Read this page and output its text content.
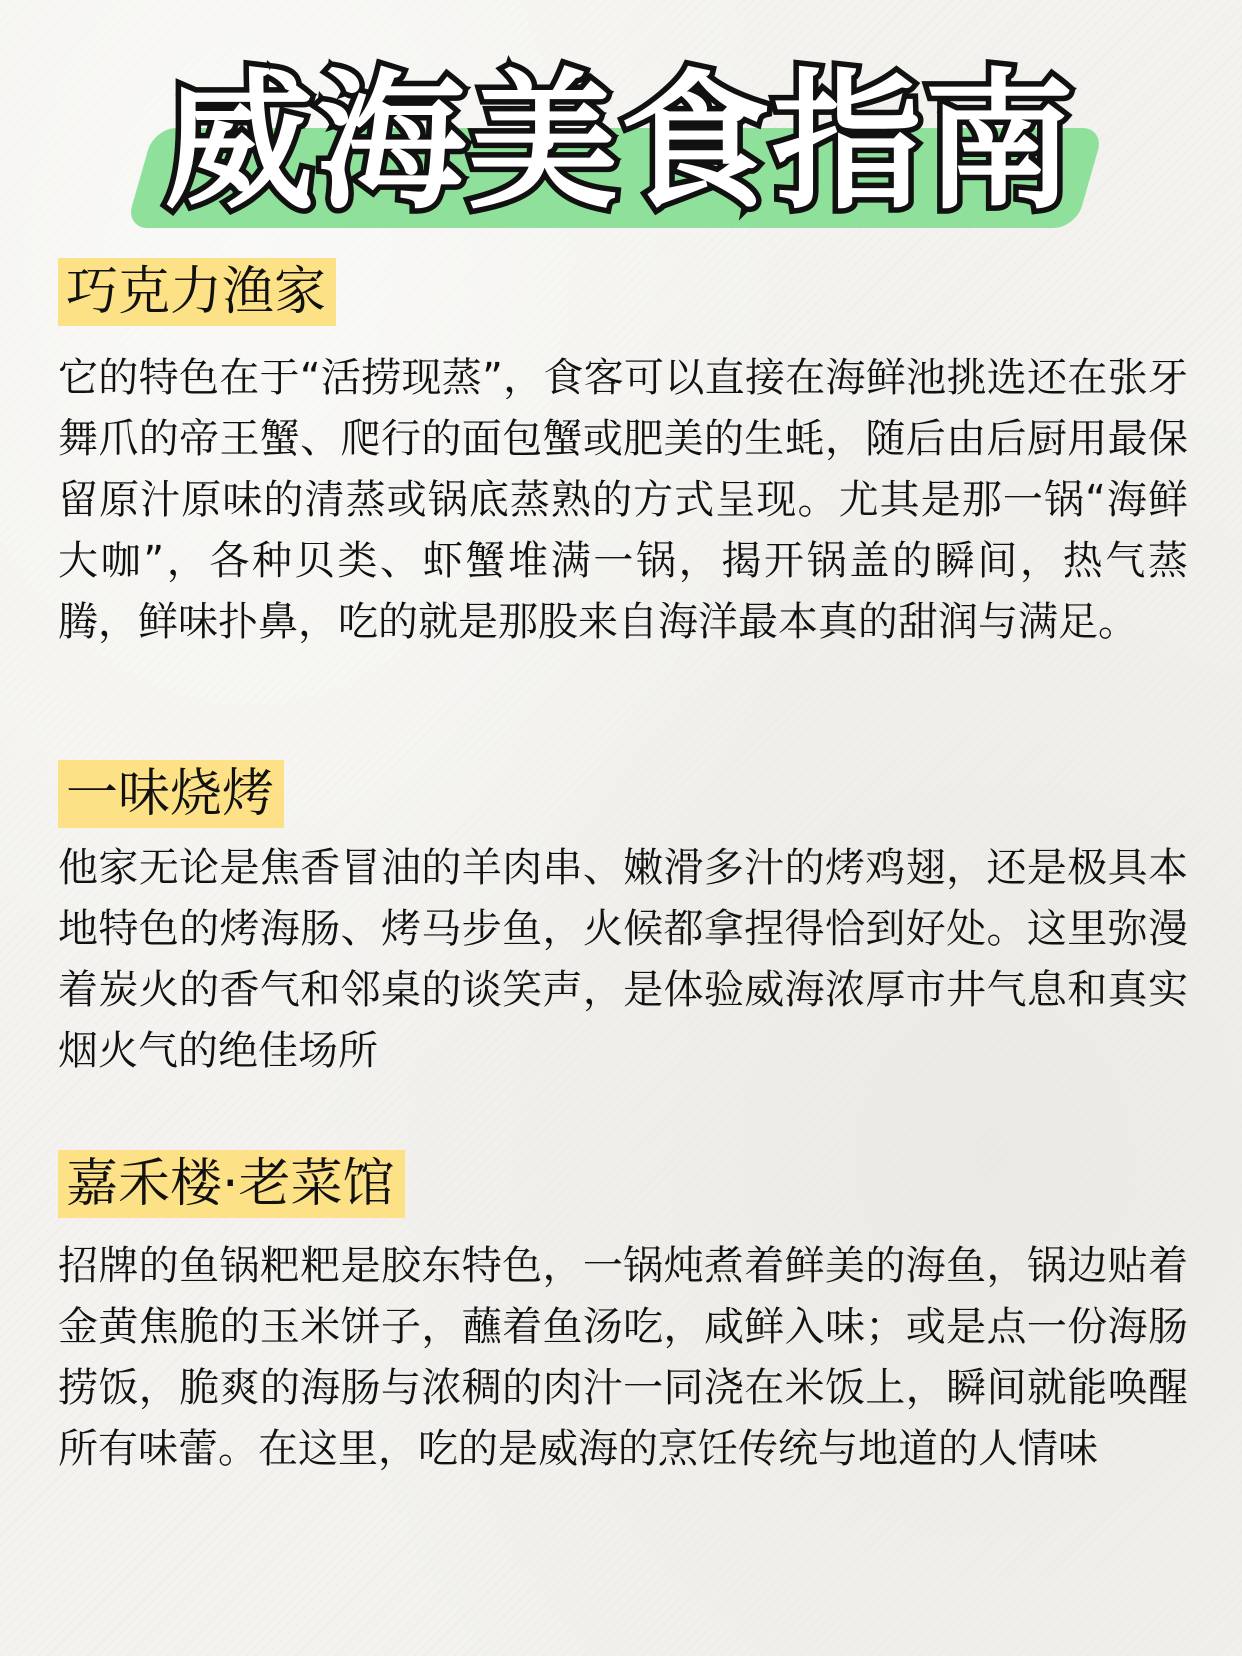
威海美食指南
巧克力渔家

它的特色在于“活捞现蒸”，食客可以直接在海鲜池挑选还在张牙舞爪的帝王蟹、爬行的面包蟹或肥美的生蚝，随后由后厨用最保留原汁原味的清蒸或锅底蒸熟的方式呈现。尤其是那一锅“海鲜大咖”，各种贝类、虾蟹堆满一锅，揭开锅盖的瞬间，热气蒸腾，鲜味扑鼻，吃的就是那股来自海洋最本真的甜润与满足。

一味烧烤

他家无论是焦香冒油的羊肉串、嫩滑多汁的烤鸡翅，还是极具本地特色的烤海肠、烤马步鱼，火候都拿捏得恰到好处。这里弥漫着炭火的香气和邻桌的谈笑声，是体验威海浓厚市井气息和真实烟火气的绝佳场所

嘉禾楼·老菜馆

招牌的鱼锅粑粑是胶东特色，一锅炖煮着鲜美的海鱼，锅边贴着金黄焦脆的玉米饼子，蘸着鱼汤吃，咸鲜入味；或是点一份海肠捞饭，脆爽的海肠与浓稠的肉汁一同浇在米饭上，瞬间就能唤醒所有味蕾。在这里，吃的是威海的烹饪传统与地道的人情味
